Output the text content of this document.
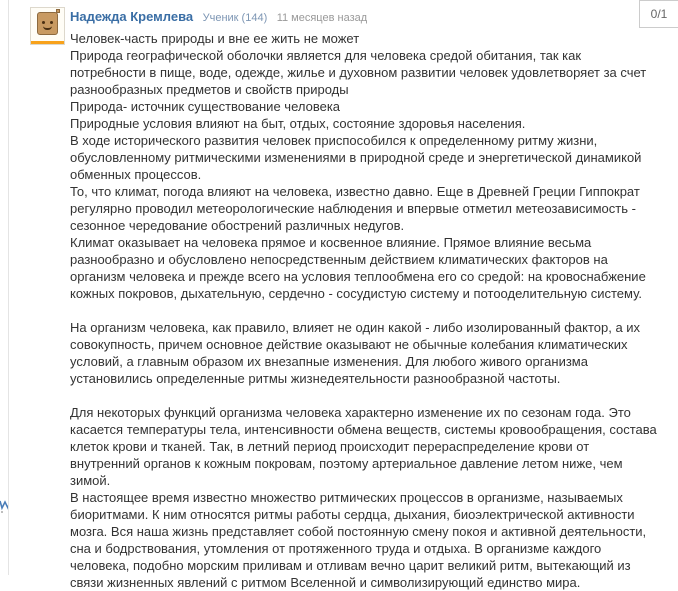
0/1
Надежда Кремлева Ученик (144) 11 месяцев назад
Человек-часть природы и вне ее жить не может
Природа географической оболочки является для человека средой обитания, так как потребности в пище, воде, одежде, жилье и духовном развитии человек удовлетворяет за счет разнообразных предметов и свойств природы
Природа- источник существование человека
Природные условия влияют на быт, отдых, состояние здоровья населения.
В ходе исторического развития человек приспособился к определенному ритму жизни, обусловленному ритмическими изменениями в природной среде и энергетической динамикой обменных процессов.
То, что климат, погода влияют на человека, известно давно. Еще в Древней Греции Гиппократ регулярно проводил метеорологические наблюдения и впервые отметил метеозависимость - сезонное чередование обострений различных недугов.
Климат оказывает на человека прямое и косвенное влияние. Прямое влияние весьма разнообразно и обусловлено непосредственным действием климатических факторов на организм человека и прежде всего на условия теплообмена его со средой: на кровоснабжение кожных покровов, дыхательную, сердечно - сосудистую систему и потооделительную систему.
На организм человека, как правило, влияет не один какой - либо изолированный фактор, а их совокупность, причем основное действие оказывают не обычные колебания климатических условий, а главным образом их внезапные изменения. Для любого живого организма установились определенные ритмы жизнедеятельности разнообразной частоты.
Для некоторых функций организма человека характерно изменение их по сезонам года. Это касается температуры тела, интенсивности обмена веществ, системы кровообращения, состава клеток крови и тканей. Так, в летний период происходит перераспределение крови от внутренний органов к кожным покровам, поэтому артериальное давление летом ниже, чем зимой.
В настоящее время известно множество ритмических процессов в организме, называемых биоритмами. К ним относятся ритмы работы сердца, дыхания, биоэлектрической активности мозга. Вся наша жизнь представляет собой постоянную смену покоя и активной деятельности, сна и бодрствования, утомления от протяженного труда и отдыха. В организме каждого человека, подобно морским приливам и отливам вечно царит великий ритм, вытекающий из связи жизненных явлений с ритмом Вселенной и символизирующий единство мира.
